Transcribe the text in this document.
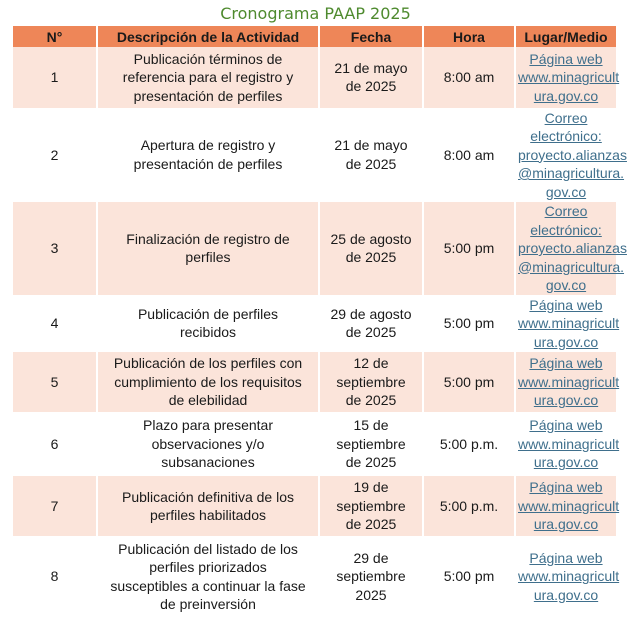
Cronograma PAAP 2025
N°	Descripción de la Actividad	Fecha	Hora	Lugar/Medio
1	Publicación términos de
referencia para el registro y
presentación de perfiles	21 de mayo
de 2025	8:00 am	Página web
www.minagricult
ura.gov.co
2	Apertura de registro y
presentación de perfiles	21 de mayo
de 2025	8:00 am	Correo
electrónico:
proyecto.alianzas
@minagricultura.
gov.co
3	Finalización de registro de
perfiles	25 de agosto
de 2025	5:00 pm	Correo
electrónico:
proyecto.alianzas
@minagricultura.
gov.co
4	Publicación de perfiles
recibidos	29 de agosto
de 2025	5:00 pm	Página web
www.minagricult
ura.gov.co
5	Publicación de los perfiles con
cumplimiento de los requisitos
de elebilidad	12 de
septiembre
de 2025	5:00 pm	Página web
www.minagricult
ura.gov.co
6	Plazo para presentar
observaciones y/o
subsanaciones	15 de
septiembre
de 2025	5:00 p.m.	Página web
www.minagricult
ura.gov.co
7	Publicación definitiva de los
perfiles habilitados	19 de
septiembre
de 2025	5:00 p.m.	Página web
www.minagricult
ura.gov.co
8	Publicación del listado de los
perfiles priorizados
susceptibles a continuar la fase
de preinversión	29 de
septiembre
2025	5:00 pm	Página web
www.minagricult
ura.gov.co
